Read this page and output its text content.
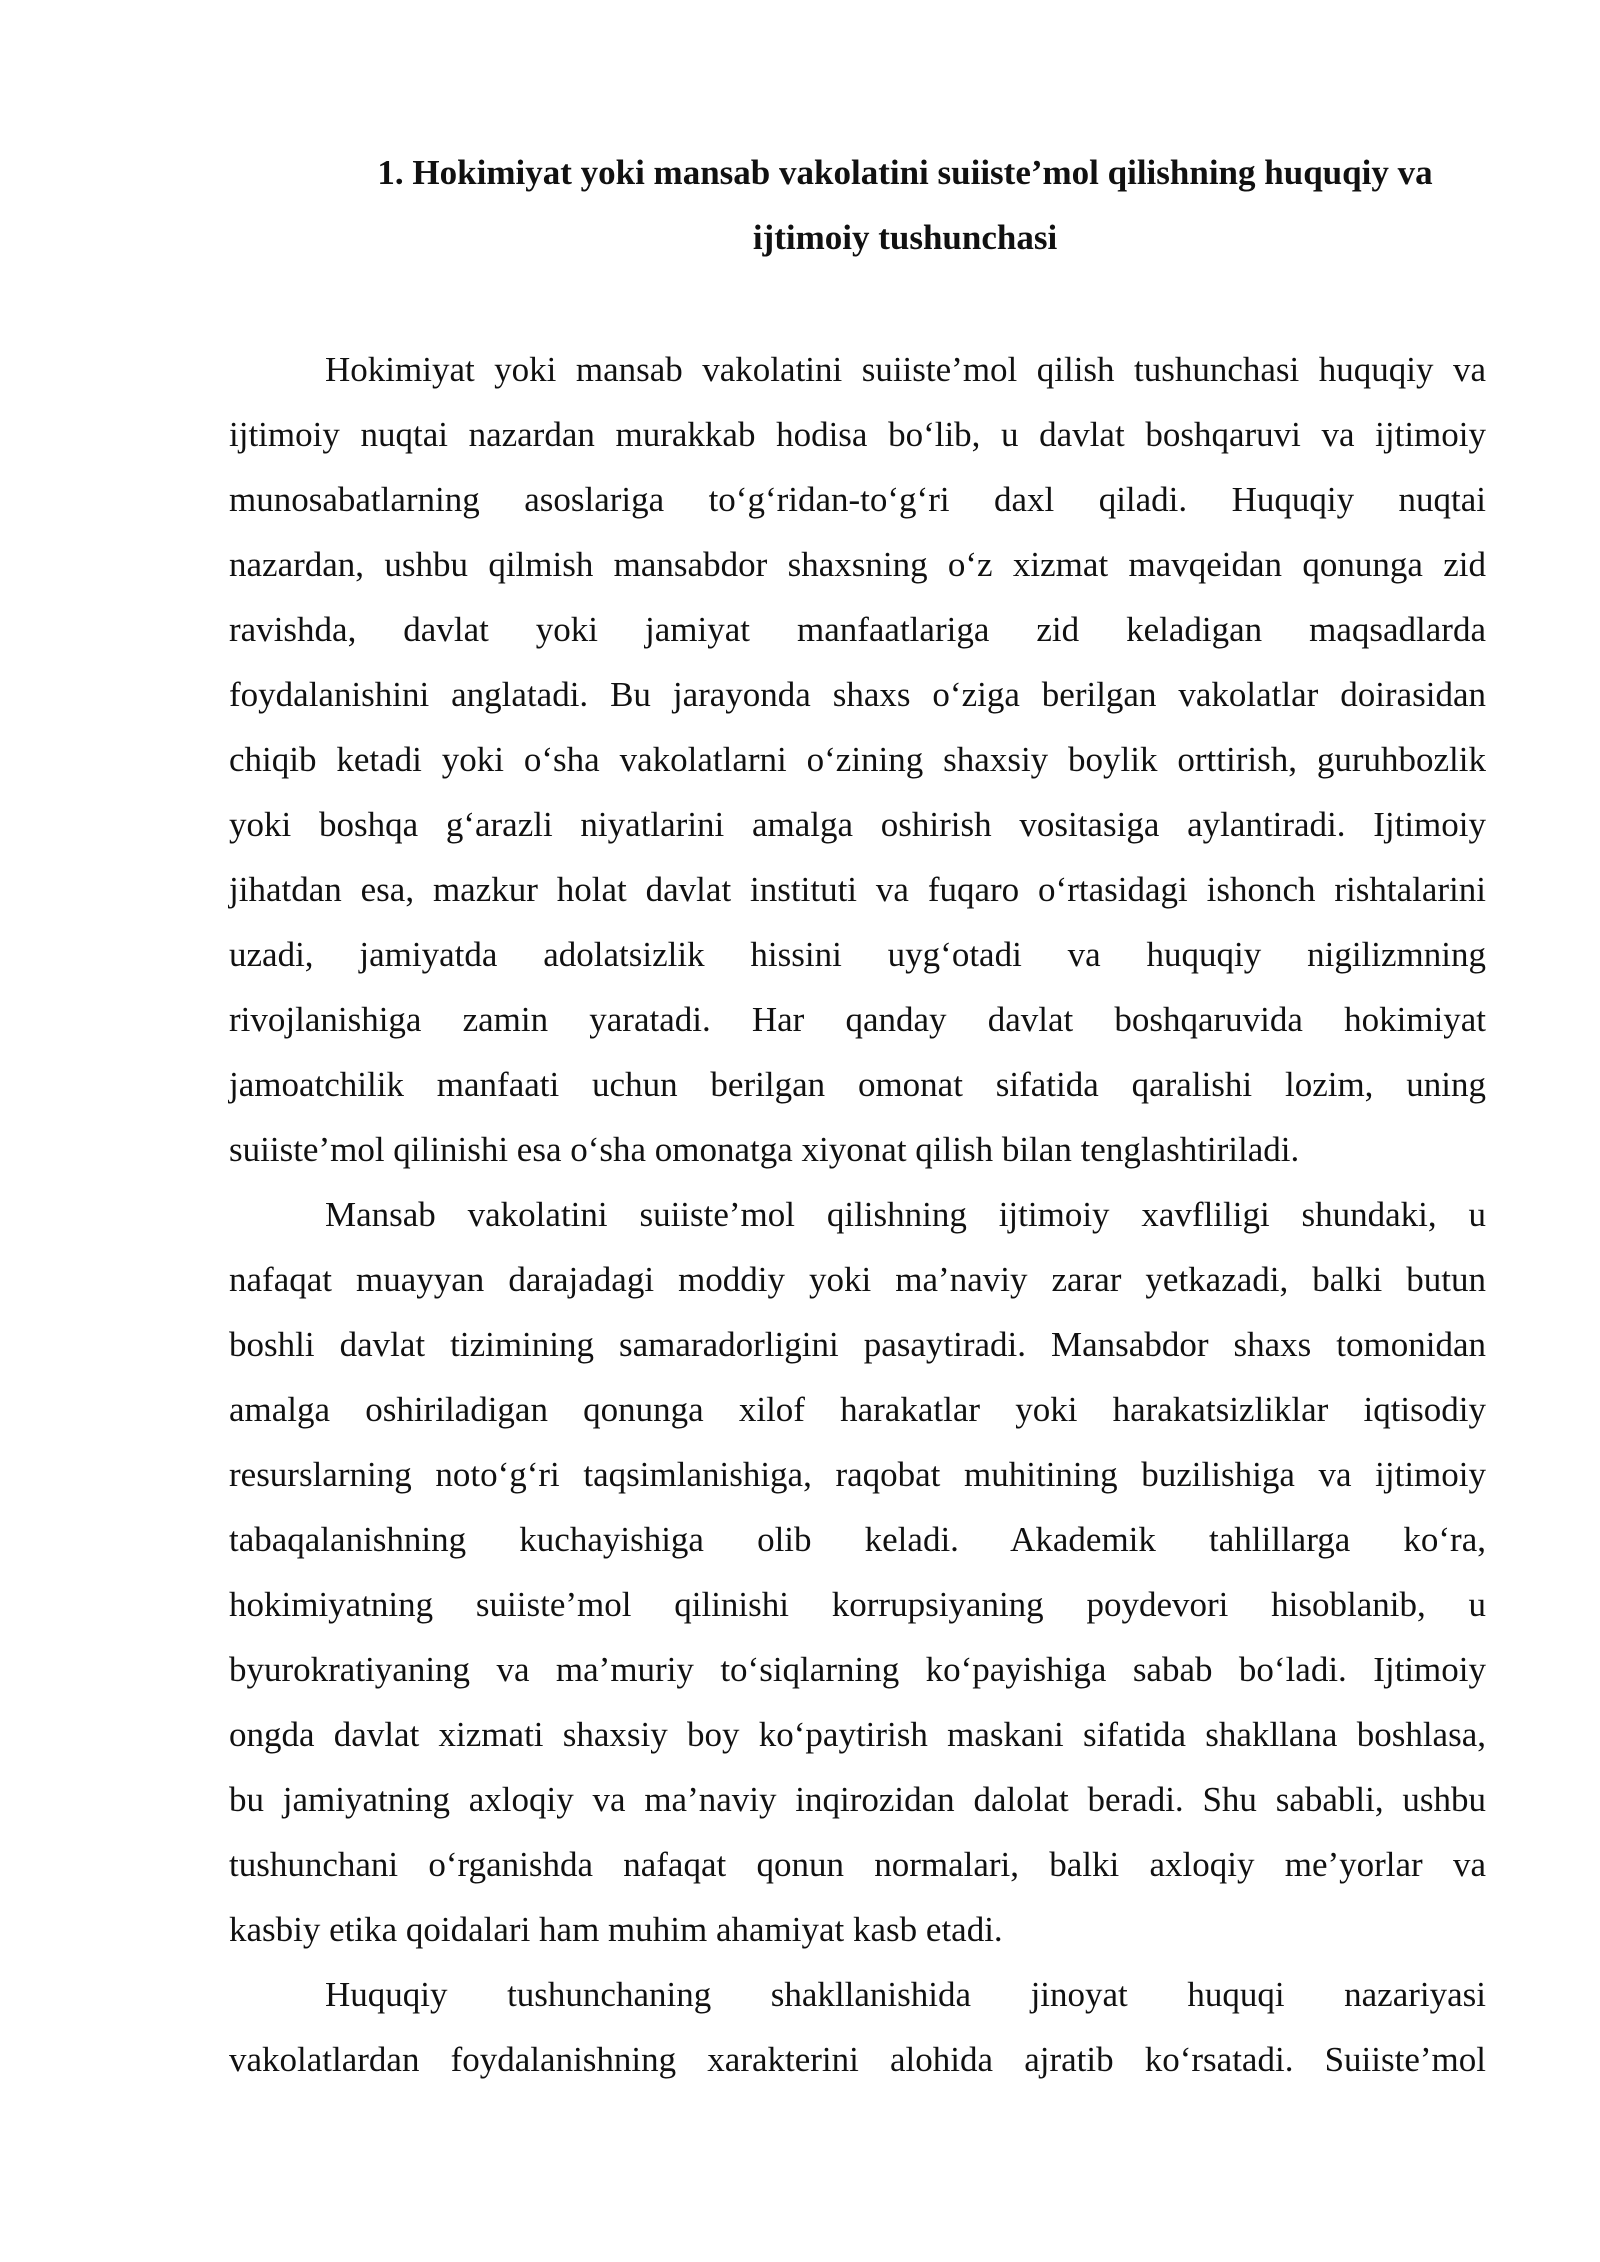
1. Hokimiyat yoki mansab vakolatini suiiste’mol qilishning huquqiy va
ijtimoiy tushunchasi

Hokimiyat yoki mansab vakolatini suiiste’mol qilish tushunchasi huquqiy va
ijtimoiy nuqtai nazardan murakkab hodisa bo‘lib, u davlat boshqaruvi va ijtimoiy
munosabatlarning asoslariga to‘g‘ridan-to‘g‘ri daxl qiladi. Huquqiy nuqtai
nazardan, ushbu qilmish mansabdor shaxsning o‘z xizmat mavqeidan qonunga zid
ravishda, davlat yoki jamiyat manfaatlariga zid keladigan maqsadlarda
foydalanishini anglatadi. Bu jarayonda shaxs o‘ziga berilgan vakolatlar doirasidan
chiqib ketadi yoki o‘sha vakolatlarni o‘zining shaxsiy boylik orttirish, guruhbozlik
yoki boshqa g‘arazli niyatlarini amalga oshirish vositasiga aylantiradi. Ijtimoiy
jihatdan esa, mazkur holat davlat instituti va fuqaro o‘rtasidagi ishonch rishtalarini
uzadi, jamiyatda adolatsizlik hissini uyg‘otadi va huquqiy nigilizmning
rivojlanishiga zamin yaratadi. Har qanday davlat boshqaruvida hokimiyat
jamoatchilik manfaati uchun berilgan omonat sifatida qaralishi lozim, uning
suiiste’mol qilinishi esa o‘sha omonatga xiyonat qilish bilan tenglashtiriladi.

Mansab vakolatini suiiste’mol qilishning ijtimoiy xavfliligi shundaki, u
nafaqat muayyan darajadagi moddiy yoki ma’naviy zarar yetkazadi, balki butun
boshli davlat tizimining samaradorligini pasaytiradi. Mansabdor shaxs tomonidan
amalga oshiriladigan qonunga xilof harakatlar yoki harakatsizliklar iqtisodiy
resurslarning noto‘g‘ri taqsimlanishiga, raqobat muhitining buzilishiga va ijtimoiy
tabaqalanishning kuchayishiga olib keladi. Akademik tahlillarga ko‘ra,
hokimiyatning suiiste’mol qilinishi korrupsiyaning poydevori hisoblanib, u
byurokratiyaning va ma’muriy to‘siqlarning ko‘payishiga sabab bo‘ladi. Ijtimoiy
ongda davlat xizmati shaxsiy boy ko‘paytirish maskani sifatida shakllana boshlasa,
bu jamiyatning axloqiy va ma’naviy inqirozidan dalolat beradi. Shu sababli, ushbu
tushunchani o‘rganishda nafaqat qonun normalari, balki axloqiy me’yorlar va
kasbiy etika qoidalari ham muhim ahamiyat kasb etadi.

Huquqiy tushunchaning shakllanishida jinoyat huquqi nazariyasi
vakolatlardan foydalanishning xarakterini alohida ajratib ko‘rsatadi. Suiiste’mol
